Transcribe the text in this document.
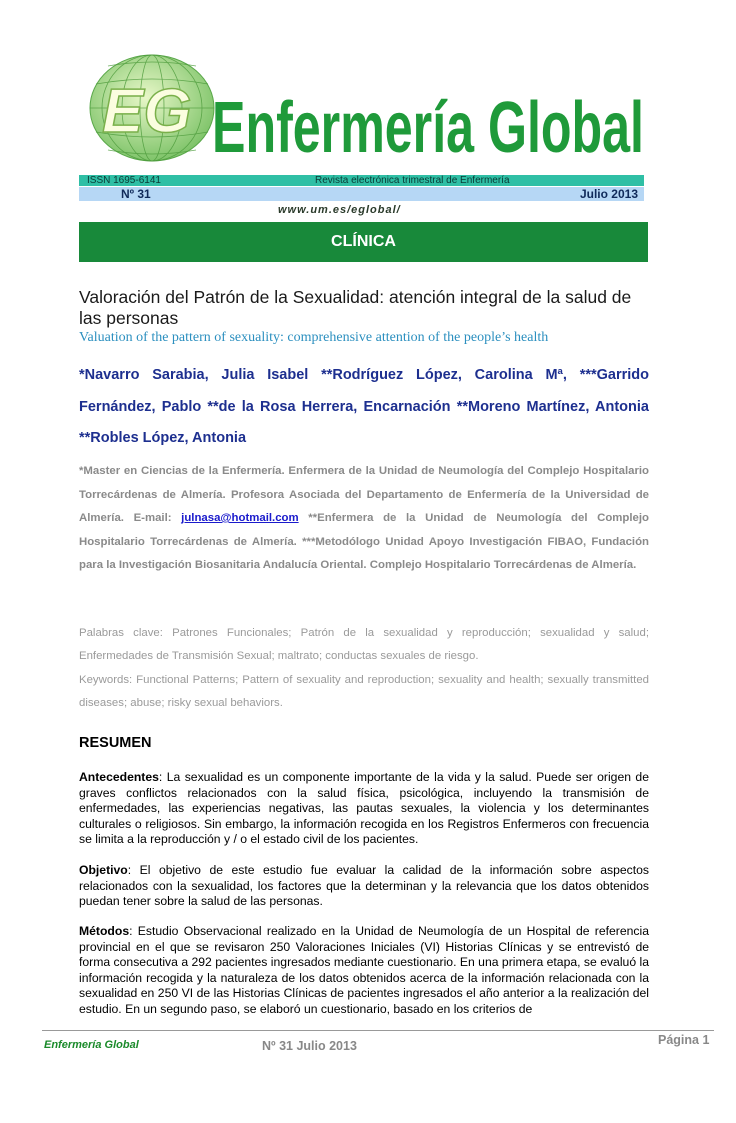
EG Enfermería Global
ISSN 1695-6141	Revista electrónica trimestral de Enfermería
Nº 31	Julio 2013
www.um.es/eglobal/
CLÍNICA
Valoración del Patrón de la Sexualidad: atención integral de la salud de las personas
Valuation of the pattern of sexuality: comprehensive attention of the people’s health
*Navarro Sarabia, Julia Isabel **Rodríguez López, Carolina Mª, ***Garrido Fernández, Pablo **de la Rosa Herrera, Encarnación **Moreno Martínez, Antonia **Robles López, Antonia
*Master en Ciencias de la Enfermería. Enfermera de la Unidad de Neumología del Complejo Hospitalario Torrecárdenas de Almería. Profesora Asociada del Departamento de Enfermería de la Universidad de Almería. E-mail: julnasa@hotmail.com **Enfermera de la Unidad de Neumología del Complejo Hospitalario Torrecárdenas de Almería. ***Metodólogo Unidad Apoyo Investigación FIBAO, Fundación para la Investigación Biosanitaria Andalucía Oriental. Complejo Hospitalario Torrecárdenas de Almería.
Palabras clave: Patrones Funcionales; Patrón de la sexualidad y reproducción; sexualidad y salud; Enfermedades de Transmisión Sexual; maltrato; conductas sexuales de riesgo.
Keywords: Functional Patterns; Pattern of sexuality and reproduction; sexuality and health; sexually transmitted diseases; abuse; risky sexual behaviors.
RESUMEN
Antecedentes: La sexualidad es un componente importante de la vida y la salud. Puede ser origen de graves conflictos relacionados con la salud física, psicológica, incluyendo la transmisión de enfermedades, las experiencias negativas, las pautas sexuales, la violencia y los determinantes culturales o religiosos. Sin embargo, la información recogida en los Registros Enfermeros con frecuencia se limita a la reproducción y / o el estado civil de los pacientes.
Objetivo: El objetivo de este estudio fue evaluar la calidad de la información sobre aspectos relacionados con la sexualidad, los factores que la determinan y la relevancia que los datos obtenidos puedan tener sobre la salud de las personas.
Métodos: Estudio Observacional realizado en la Unidad de Neumología de un Hospital de referencia provincial en el que se revisaron 250 Valoraciones Iniciales (VI) Historias Clínicas y se entrevistó de forma consecutiva a 292 pacientes ingresados mediante cuestionario. En una primera etapa, se evaluó la información recogida y la naturaleza de los datos obtenidos acerca de la información relacionada con la sexualidad en 250 VI de las Historias Clínicas de pacientes ingresados el año anterior a la realización del estudio. En un segundo paso, se elaboró un cuestionario, basado en los criterios de
Enfermería Global	Nº 31 Julio 2013	Página 1
